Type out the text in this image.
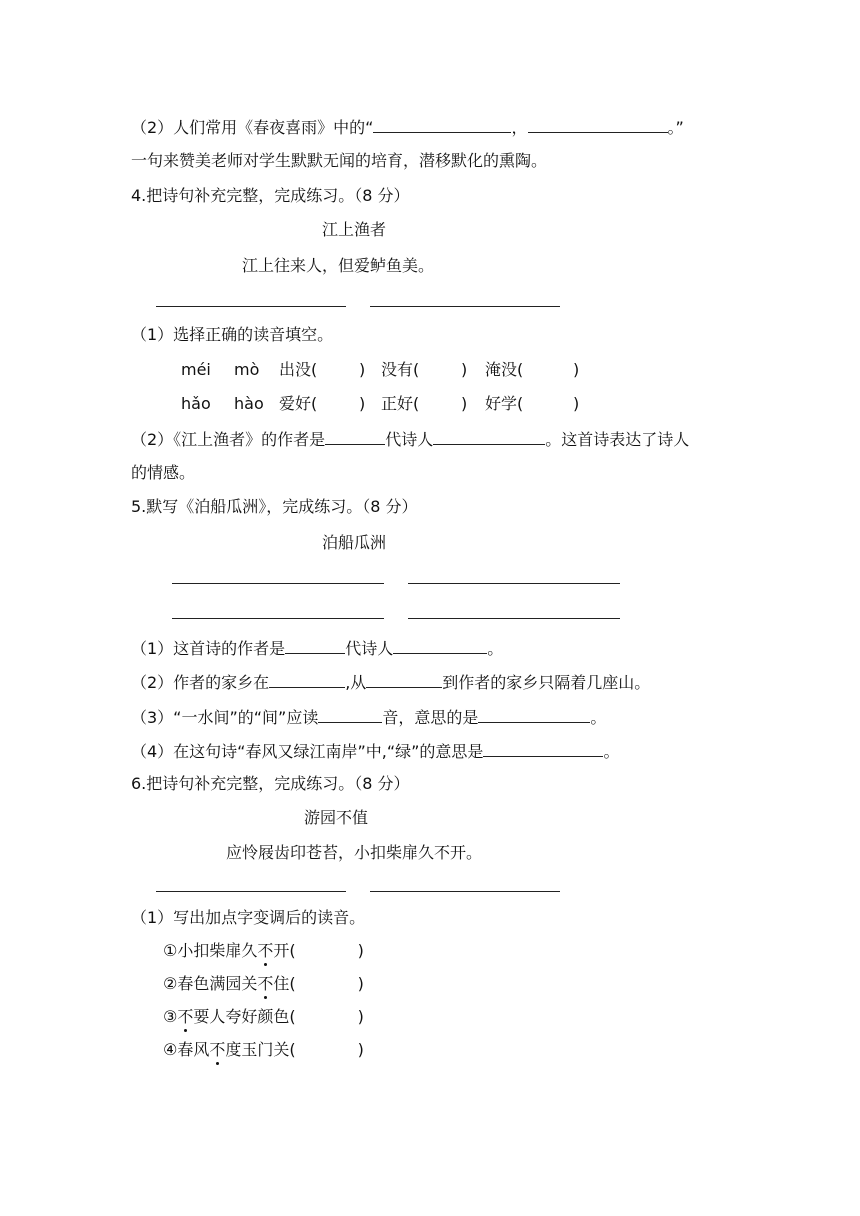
（2）人们常用《春夜喜雨》中的“	，	。”
一句来赞美老师对学生默默无闻的培育，潜移默化的熏陶。
4.把诗句补充完整，完成练习。（8 分）
江上渔者
江上往来人，但爱鲈鱼美。
（1）选择正确的读音填空。
méi mò 出没(	) 没有(	) 淹没(	)
hǎo hào 爱好(	) 正好(	) 好学(	)
（2）《江上渔者》的作者是	代诗人	。这首诗表达了诗人
的情感。
5.默写《泊船瓜洲》，完成练习。（8 分）
泊船瓜洲
（1）这首诗的作者是	代诗人	。
（2）作者的家乡在	,从	到作者的家乡只隔着几座山。
（3）“一水间”的“间”应读	音，意思的是	。
（4）在这句诗“春风又绿江南岸”中,“绿”的意思是	。
6.把诗句补充完整，完成练习。（8 分）
游园不值
应怜屐齿印苍苔，小扣柴扉久不开。
（1）写出加点字变调后的读音。
①小扣柴扉久不开(	)
②春色满园关不住(	)
③不要人夸好颜色(	)
④春风不度玉门关(	)
